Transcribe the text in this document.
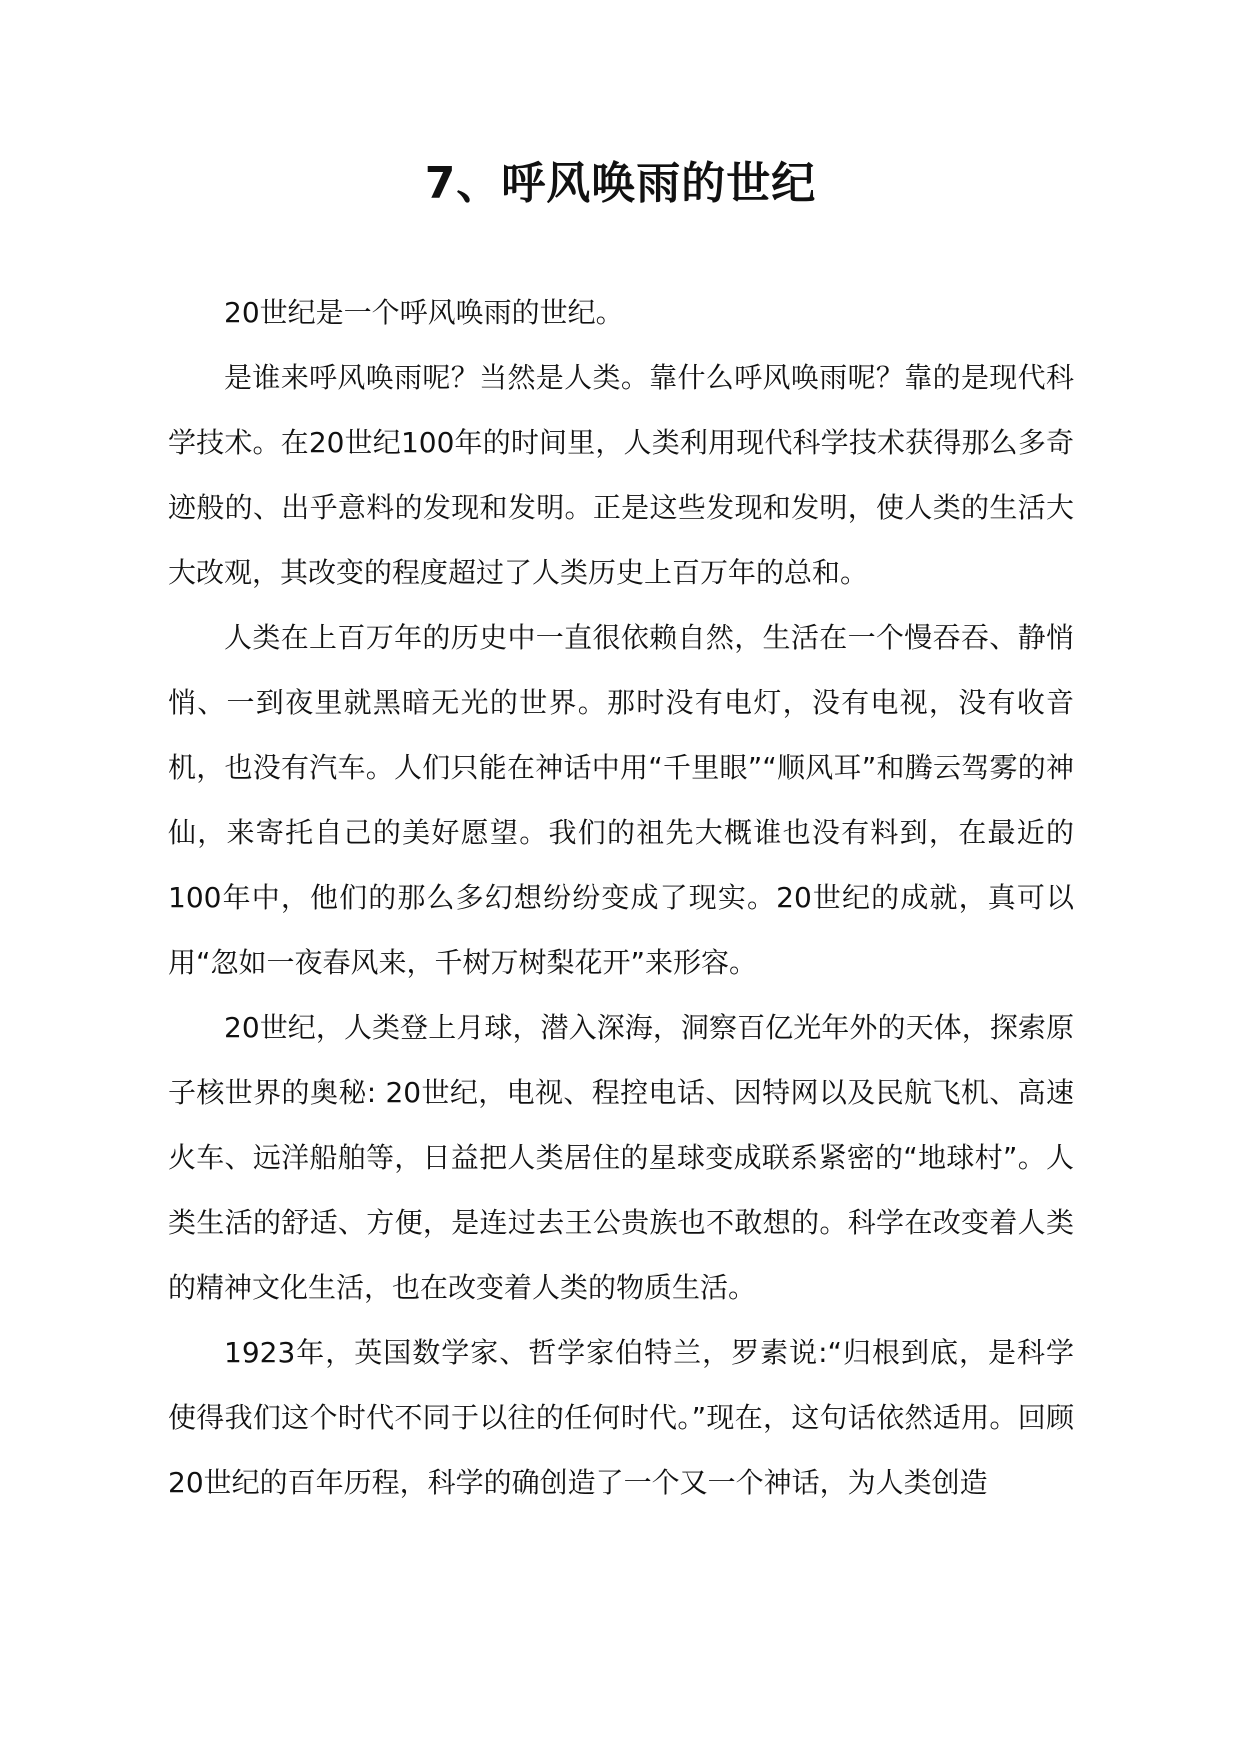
7、呼风唤雨的世纪

20世纪是一个呼风唤雨的世纪。

是谁来呼风唤雨呢？当然是人类。靠什么呼风唤雨呢？靠的是现代科学技术。在20世纪100年的时间里，人类利用现代科学技术获得那么多奇迹般的、出乎意料的发现和发明。正是这些发现和发明，使人类的生活大大改观，其改变的程度超过了人类历史上百万年的总和。

人类在上百万年的历史中一直很依赖自然，生活在一个慢吞吞、静悄悄、一到夜里就黑暗无光的世界。那时没有电灯，没有电视，没有收音机，也没有汽车。人们只能在神话中用“千里眼”“顺风耳”和腾云驾雾的神仙，来寄托自己的美好愿望。我们的祖先大概谁也没有料到，在最近的100年中，他们的那么多幻想纷纷变成了现实。20世纪的成就，真可以用“忽如一夜春风来，千树万树梨花开”来形容。

20世纪，人类登上月球，潜入深海，洞察百亿光年外的天体，探索原子核世界的奥秘: 20世纪，电视、程控电话、因特网以及民航飞机、高速火车、远洋船舶等，日益把人类居住的星球变成联系紧密的“地球村”。人类生活的舒适、方便，是连过去王公贵族也不敢想的。科学在改变着人类的精神文化生活，也在改变着人类的物质生活。

1923年，英国数学家、哲学家伯特兰，罗素说:“归根到底，是科学使得我们这个时代不同于以往的任何时代。”现在，这句话依然适用。回顾20世纪的百年历程，科学的确创造了一个又一个神话，为人类创造
